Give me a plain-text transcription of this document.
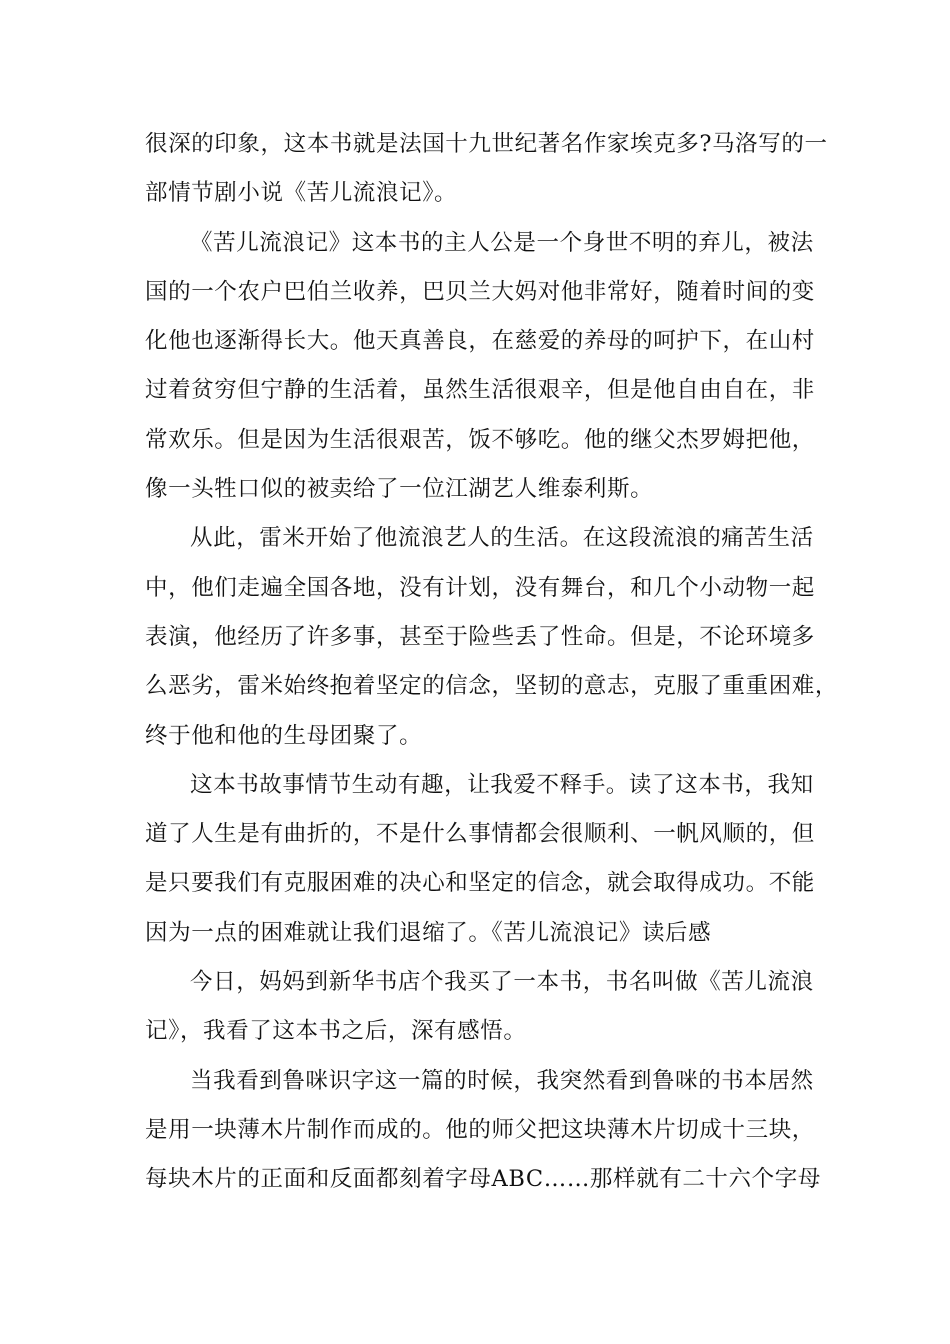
很深的印象，这本书就是法国十九世纪著名作家埃克多?马洛写的一
部情节剧小说《苦儿流浪记》。

《苦儿流浪记》这本书的主人公是一个身世不明的弃儿，被法

国的一个农户巴伯兰收养，巴贝兰大妈对他非常好，随着时间的变
化他也逐渐得长大。他天真善良，在慈爱的养母的呵护下，在山村
过着贫穷但宁静的生活着，虽然生活很艰辛，但是他自由自在，非
常欢乐。但是因为生活很艰苦，饭不够吃。他的继父杰罗姆把他，
像一头牲口似的被卖给了一位江湖艺人维泰利斯。

从此，雷米开始了他流浪艺人的生活。在这段流浪的痛苦生活

中，他们走遍全国各地，没有计划，没有舞台，和几个小动物一起
表演，他经历了许多事，甚至于险些丢了性命。但是，不论环境多
么恶劣，雷米始终抱着坚定的信念，坚韧的意志，克服了重重困难，
终于他和他的生母团聚了。

这本书故事情节生动有趣，让我爱不释手。读了这本书，我知

道了人生是有曲折的，不是什么事情都会很顺利、一帆风顺的，但
是只要我们有克服困难的决心和坚定的信念，就会取得成功。不能
因为一点的困难就让我们退缩了。《苦儿流浪记》读后感

今日，妈妈到新华书店个我买了一本书，书名叫做《苦儿流浪

记》，我看了这本书之后，深有感悟。

当我看到鲁咪识字这一篇的时候，我突然看到鲁咪的书本居然

是用一块薄木片制作而成的。他的师父把这块薄木片切成十三块，
每块木片的正面和反面都刻着字母ABC……那样就有二十六个字母
